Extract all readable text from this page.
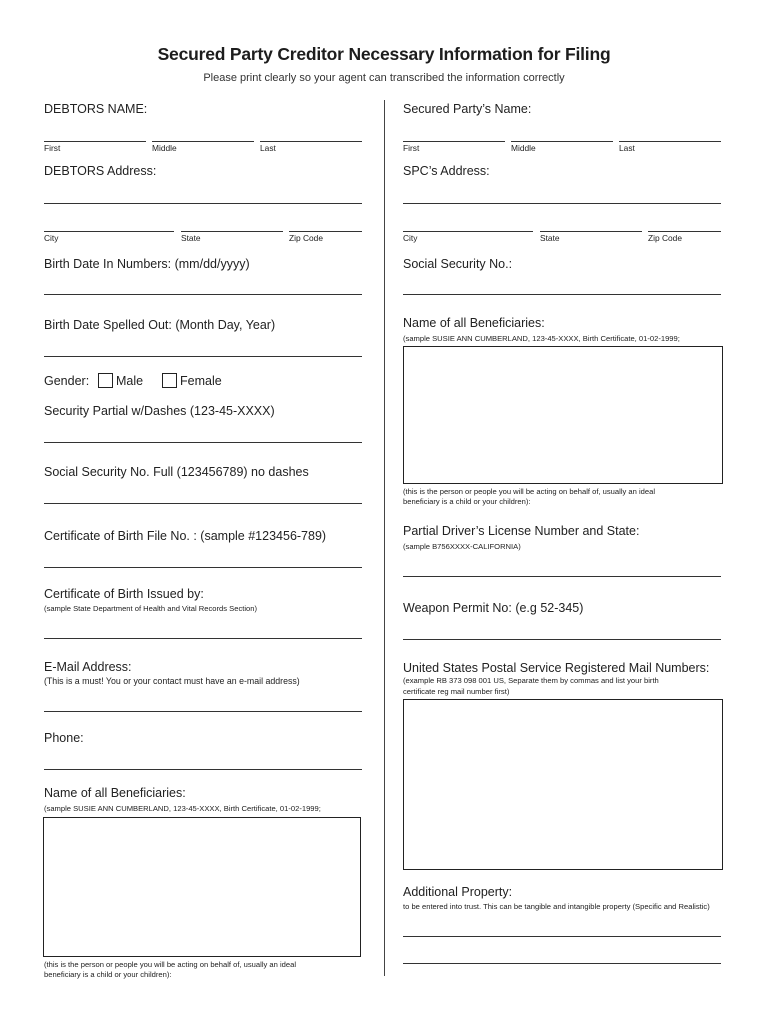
Secured Party Creditor Necessary Information for Filing
Please print clearly so your agent can transcribed the information correctly
DEBTORS NAME:
First	Middle	Last
DEBTORS Address:
City	State	Zip Code
Birth Date In Numbers: (mm/dd/yyyy)
Birth Date Spelled Out: (Month Day, Year)
Gender: Male	Female
Security Partial w/Dashes (123-45-XXXX)
Social Security No. Full (123456789) no dashes
Certificate of Birth File No. : (sample #123456-789)
Certificate of Birth Issued by:
(sample State Department of Health and Vital Records Section)
E-Mail Address:
(This is a must! You or your contact must have an e-mail address)
Phone:
Name of all Beneficiaries:
(sample SUSIE ANN CUMBERLAND, 123-45-XXXX, Birth Certificate, 01-02-1999;
(this is the person or people you will be acting on behalf of, usually an ideal
beneficiary is a child or your children):
Secured Party’s Name:
First	Middle	Last
SPC’s Address:
City	State	Zip Code
Social Security No.:
Name of all Beneficiaries:
(sample SUSIE ANN CUMBERLAND, 123-45-XXXX, Birth Certificate, 01-02-1999;
(this is the person or people you will be acting on behalf of, usually an ideal
beneficiary is a child or your children):
Partial Driver’s License Number and State:
(sample B756XXXX-CALIFORNIA)
Weapon Permit No: (e.g 52-345)
United States Postal Service Registered Mail Numbers:
(example RB 373 098 001 US, Separate them by commas and list your birth
certificate reg mail number first)
Additional Property:
to be entered into trust. This can be tangible and intangible property (Specific and Realistic)
